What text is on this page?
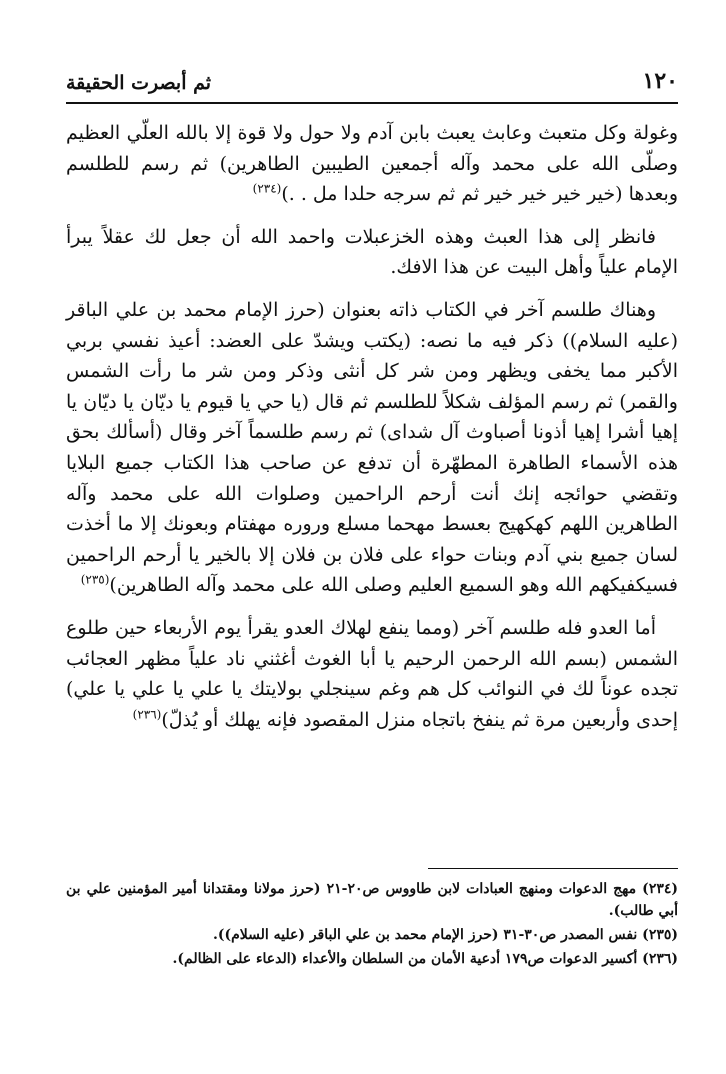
١٢٠
ثم أبصرت الحقيقة

وغولة وكل متعبث وعابث يعبث بابن آدم ولا حول ولا قوة إلا بالله العلّي العظيم وصلّى الله على محمد وآله أجمعين الطيبين الطاهرين) ثم رسم للطلسم وبعدها (خير خير خير خير ثم ثم سرجه حلدا مل . .)$^{(٢٣٤)}$

فانظر إلى هذا العبث وهذه الخزعبلات واحمد الله أن جعل لك عقلاً يبرأ الإمام علياً وأهل البيت عن هذا الافك.

وهناك طلسم آخر في الكتاب ذاته بعنوان (حرز الإمام محمد بن علي الباقر (عليه السلام)) ذكر فيه ما نصه: (يكتب ويشدّ على العضد: أعيذ نفسي بربي الأكبر مما يخفى ويظهر ومن شر كل أنثى وذكر ومن شر ما رأت الشمس والقمر) ثم رسم المؤلف شكلاً للطلسم ثم قال (يا حي يا قيوم يا ديّان يا ديّان يا إهيا أشرا إهيا أذونا أصباوث آل شداى) ثم رسم طلسماً آخر وقال (أسألك بحق هذه الأسماء الطاهرة المطهّرة أن تدفع عن صاحب هذا الكتاب جميع البلايا وتقضي حوائجه إنك أنت أرحم الراحمين وصلوات الله على محمد وآله الطاهرين اللهم كهكهيج بعسط مهحما مسلع وروره مهفتام وبعونك إلا ما أخذت لسان جميع بني آدم وبنات حواء على فلان بن فلان إلا بالخير يا أرحم الراحمين فسيكفيكهم الله وهو السميع العليم وصلى الله على محمد وآله الطاهرين)$^{(٢٣٥)}$

أما العدو فله طلسم آخر (ومما ينفع لهلاك العدو يقرأ يوم الأربعاء حين طلوع الشمس (بسم الله الرحمن الرحيم يا أبا الغوث أغثني ناد علياً مظهر العجائب تجده عوناً لك في النوائب كل هم وغم سينجلي بولايتك يا علي يا علي يا علي) إحدى وأربعين مرة ثم ينفخ باتجاه منزل المقصود فإنه يهلك أو يُذلّ)$^{(٢٣٦)}$

(٢٣٤) مهج الدعوات ومنهج العبادات لابن طاووس ص٢٠-٢١ (حرز مولانا ومقتدانا أمير المؤمنين علي بن أبي طالب).

(٢٣٥) نفس المصدر ص٣٠-٣١ (حرز الإمام محمد بن علي الباقر (عليه السلام)).

(٢٣٦) أكسير الدعوات ص١٧٩ أدعية الأمان من السلطان والأعداء (الدعاء على الظالم).
